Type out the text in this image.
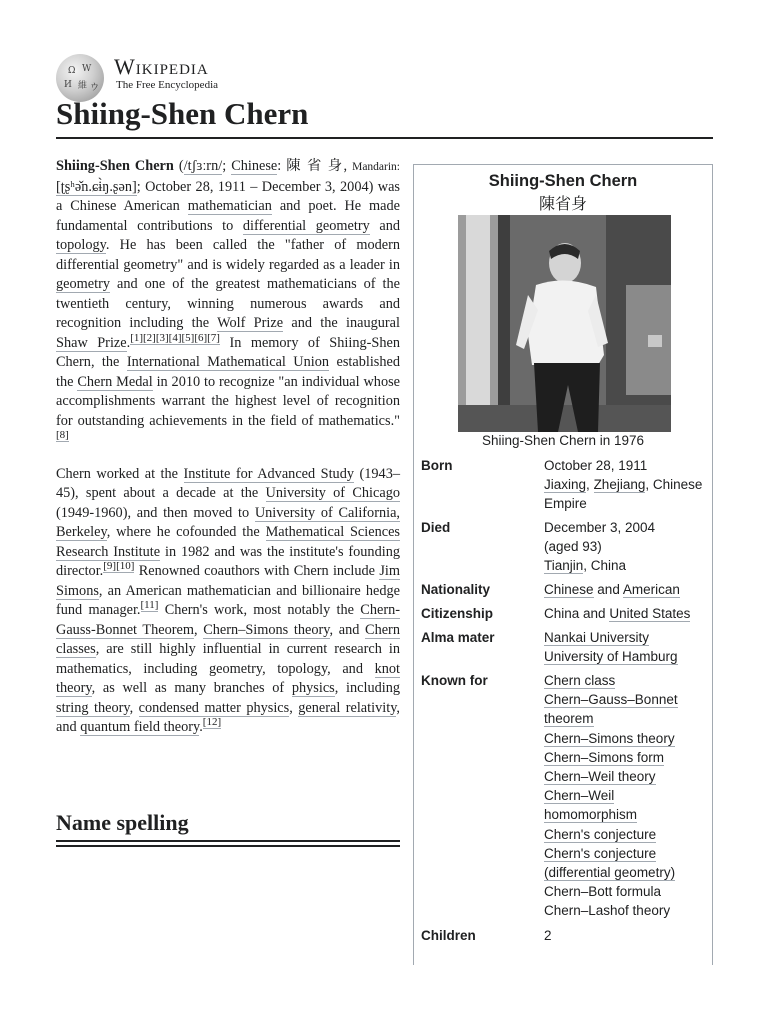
Ω W
И 維 ウ
Wikipedia
The Free Encyclopedia
Shiing-Shen Chern

Shiing-Shen Chern (/tʃɜːrn/; Chinese: 陳 省 身, Mandarin: [ʈʂʰə̌n.ɕɨ̀ŋ.ʂən]; October 28, 1911 – December 3, 2004) was a Chinese American mathematician and poet. He made fundamental contributions to differential geometry and topology. He has been called the "father of modern differential geometry" and is widely regarded as a leader in geometry and one of the greatest mathematicians of the twentieth century, winning numerous awards and recognition including the Wolf Prize and the inaugural Shaw Prize.[1][2][3][4][5][6][7] In memory of Shiing-Shen Chern, the International Mathematical Union established the Chern Medal in 2010 to recognize "an individual whose accomplishments warrant the highest level of recognition for outstanding achievements in the field of mathematics."[8]

Chern worked at the Institute for Advanced Study (1943–45), spent about a decade at the University of Chicago (1949-1960), and then moved to University of California, Berkeley, where he cofounded the Mathematical Sciences Research Institute in 1982 and was the institute's founding director.[9][10] Renowned coauthors with Chern include Jim Simons, an American mathematician and billionaire hedge fund manager.[11] Chern's work, most notably the Chern-Gauss-Bonnet Theorem, Chern–Simons theory, and Chern classes, are still highly influential in current research in mathematics, including geometry, topology, and knot theory, as well as many branches of physics, including string theory, condensed matter physics, general relativity, and quantum field theory.[12]

Name spelling
Shiing-Shen Chern
陳省身
Shiing-Shen Chern in 1976
Born	October 28, 1911
Jiaxing, Zhejiang, Chinese
Empire
Died	December 3, 2004
(aged 93)
Tianjin, China
Nationality	Chinese and American
Citizenship	China and United States
Alma mater	Nankai University
University of Hamburg
Known for	Chern class
Chern–Gauss–Bonnet
theorem
Chern–Simons theory
Chern–Simons form
Chern–Weil theory
Chern–Weil
homomorphism
Chern's conjecture
Chern's conjecture
(differential geometry)
Chern–Bott formula
Chern–Lashof theory
Children	2
